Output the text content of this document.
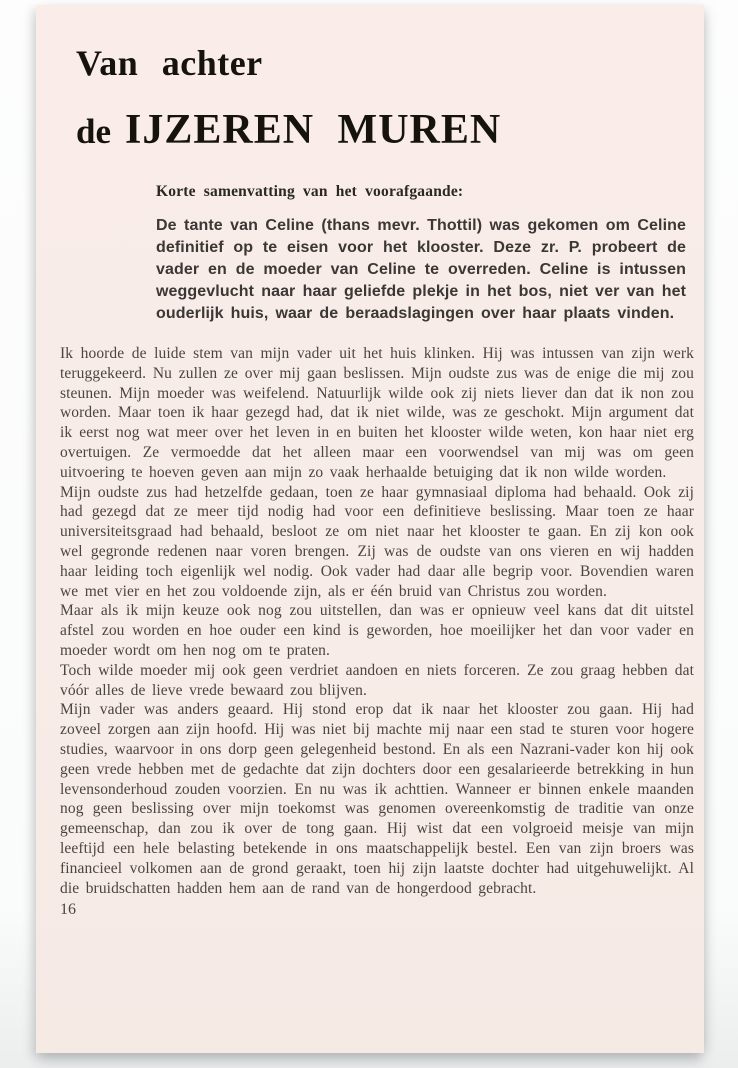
Van achter
de IJZEREN MUREN
Korte samenvatting van het voorafgaande:

De tante van Celine (thans mevr. Thottil) was gekomen om Celine definitief op te eisen voor het klooster. Deze zr. P. probeert de vader en de moeder van Celine te overreden. Celine is intussen weggevlucht naar haar geliefde plekje in het bos, niet ver van het ouderlijk huis, waar de beraadslagingen over haar plaats vinden.

Ik hoorde de luide stem van mijn vader uit het huis klinken. Hij was intussen van zijn werk teruggekeerd. Nu zullen ze over mij gaan beslissen. Mijn oudste zus was de enige die mij zou steunen. Mijn moeder was weifelend. Natuurlijk wilde ook zij niets liever dan dat ik non zou worden. Maar toen ik haar gezegd had, dat ik niet wilde, was ze geschokt. Mijn argument dat ik eerst nog wat meer over het leven in en buiten het klooster wilde weten, kon haar niet erg overtuigen. Ze vermoedde dat het alleen maar een voorwendsel van mij was om geen uitvoering te hoeven geven aan mijn zo vaak herhaalde betuiging dat ik non wilde worden.

Mijn oudste zus had hetzelfde gedaan, toen ze haar gymnasiaal diploma had behaald. Ook zij had gezegd dat ze meer tijd nodig had voor een definitieve beslissing. Maar toen ze haar universiteitsgraad had behaald, besloot ze om niet naar het klooster te gaan. En zij kon ook wel gegronde redenen naar voren brengen. Zij was de oudste van ons vieren en wij hadden haar leiding toch eigenlijk wel nodig. Ook vader had daar alle begrip voor. Bovendien waren we met vier en het zou voldoende zijn, als er één bruid van Christus zou worden.

Maar als ik mijn keuze ook nog zou uitstellen, dan was er opnieuw veel kans dat dit uitstel afstel zou worden en hoe ouder een kind is geworden, hoe moeilijker het dan voor vader en moeder wordt om hen nog om te praten.

Toch wilde moeder mij ook geen verdriet aandoen en niets forceren. Ze zou graag hebben dat vóór alles de lieve vrede bewaard zou blijven.

Mijn vader was anders geaard. Hij stond erop dat ik naar het klooster zou gaan. Hij had zoveel zorgen aan zijn hoofd. Hij was niet bij machte mij naar een stad te sturen voor hogere studies, waarvoor in ons dorp geen gelegenheid bestond. En als een Nazrani-vader kon hij ook geen vrede hebben met de gedachte dat zijn dochters door een gesalarieerde betrekking in hun levensonderhoud zouden voorzien. En nu was ik achttien. Wanneer er binnen enkele maanden nog geen beslissing over mijn toekomst was genomen overeenkomstig de traditie van onze gemeenschap, dan zou ik over de tong gaan. Hij wist dat een volgroeid meisje van mijn leeftijd een hele belasting betekende in ons maatschappelijk bestel. Een van zijn broers was financieel volkomen aan de grond geraakt, toen hij zijn laatste dochter had uitgehuwelijkt. Al die bruidschatten hadden hem aan de rand van de hongerdood gebracht.

16
